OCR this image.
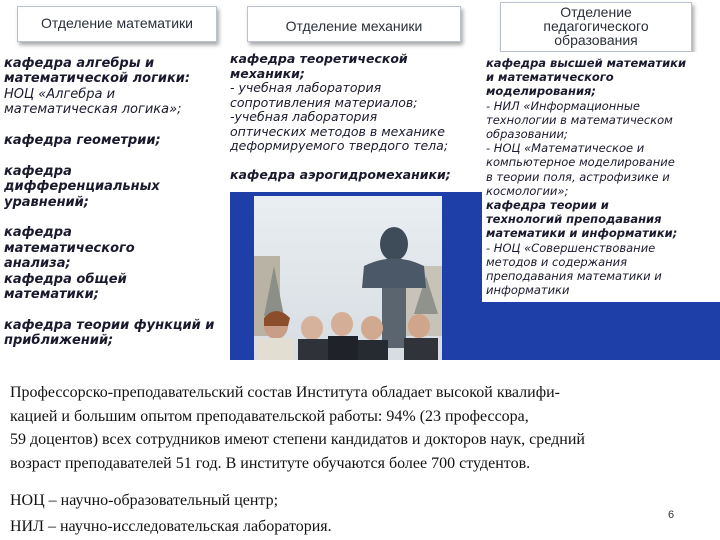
Отделение математики	Отделение механики
Отделение
педагогического
образования
кафедра алгебры и
математической логики:
НОЦ «Алгебра и
математическая логика»;
кафедра геометрии;
кафедра
дифференциальных
уравнений;
кафедра
математического
анализа;
кафедра общей
математики;
кафедра теории функций и
приближений;
кафедра теоретической
механики;
- учебная лаборатория
сопротивления материалов;
-учебная лаборатория
оптических методов в механике
деформируемого твердого тела;
кафедра аэрогидромеханики;
кафедра высшей математики
и математического
моделирования;
- НИЛ «Информационные
технологии в математическом
образовании;
- НОЦ «Математическое и
компьютерное моделирование
в теории поля, астрофизике и
космологии»;
кафедра теории и
технологий преподавания
математики и информатики;
- НОЦ «Совершенствование
методов и содержания
преподавания математики и
информатики
Профессорско-преподавательский состав Института обладает высокой квалифи-
кацией и большим опытом преподавательской работы: 94% (23 профессора,
59 доцентов) всех сотрудников имеют степени кандидатов и докторов наук, средний
возраст преподавателей 51 год. В институте обучаются более 700 студентов.
НОЦ – научно-образовательный центр;
НИЛ – научно-исследовательская лаборатория.
6
